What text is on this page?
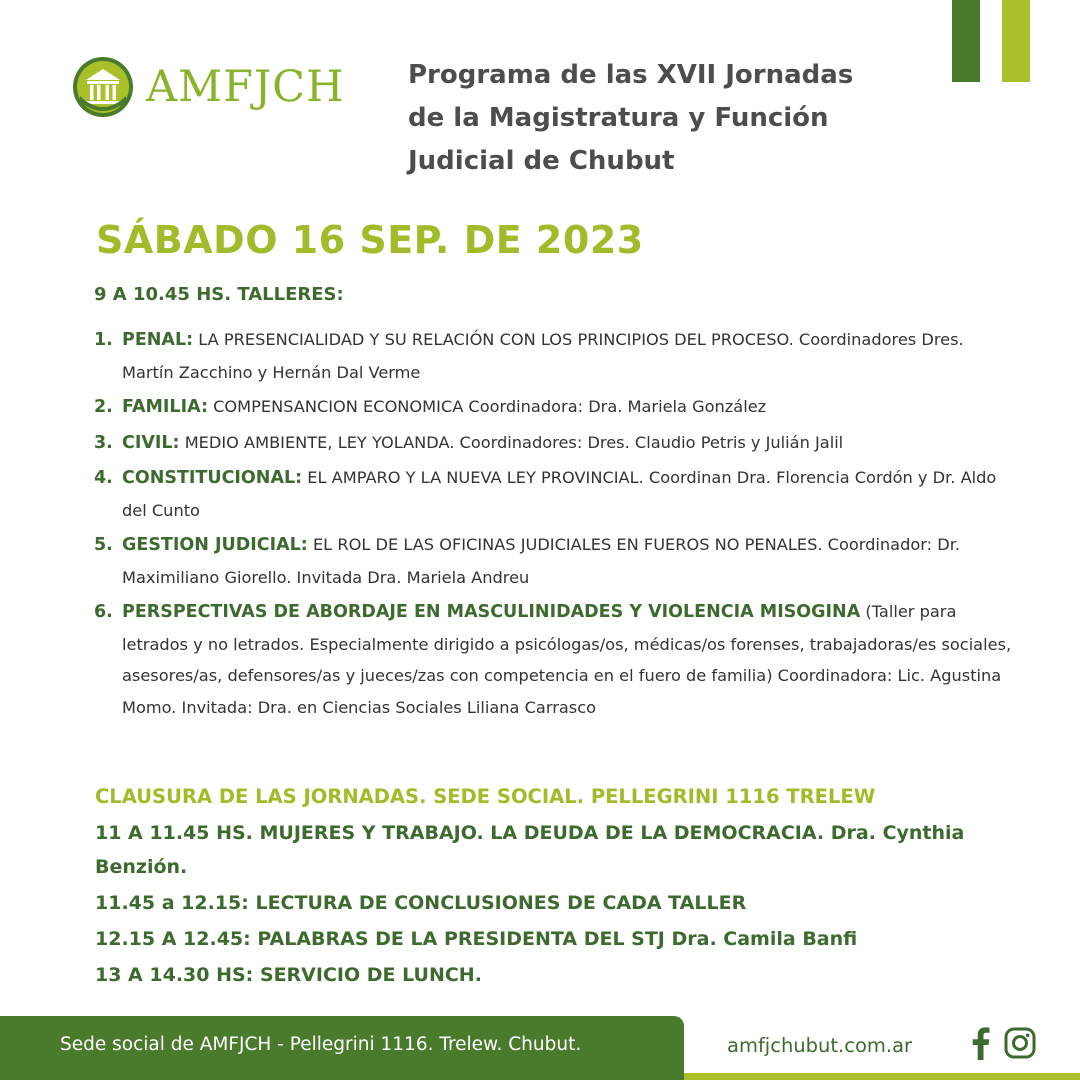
AMFJCH Programa de las XVII Jornadas
de la Magistratura y Función
Judicial de Chubut
SÁBADO 16 SEP. DE 2023
9 A 10.45 HS. TALLERES:
1. PENAL: LA PRESENCIALIDAD Y SU RELACIÓN CON LOS PRINCIPIOS DEL PROCESO. Coordinadores Dres. Martín Zacchino y Hernán Dal Verme
2. FAMILIA: COMPENSANCION ECONOMICA Coordinadora: Dra. Mariela González
3. CIVIL: MEDIO AMBIENTE, LEY YOLANDA. Coordinadores: Dres. Claudio Petris y Julián Jalil
4. CONSTITUCIONAL: EL AMPARO Y LA NUEVA LEY PROVINCIAL. Coordinan Dra. Florencia Cordón y Dr. Aldo del Cunto
5. GESTION JUDICIAL: EL ROL DE LAS OFICINAS JUDICIALES EN FUEROS NO PENALES. Coordinador: Dr. Maximiliano Giorello. Invitada Dra. Mariela Andreu
6. PERSPECTIVAS DE ABORDAJE EN MASCULINIDADES Y VIOLENCIA MISOGINA (Taller para letrados y no letrados. Especialmente dirigido a psicólogas/os, médicas/os forenses, trabajadoras/es sociales, asesores/as, defensores/as y jueces/zas con competencia en el fuero de familia) Coordinadora: Lic. Agustina Momo. Invitada: Dra. en Ciencias Sociales Liliana Carrasco
CLAUSURA DE LAS JORNADAS. SEDE SOCIAL. PELLEGRINI 1116 TRELEW
11 A 11.45 HS. MUJERES Y TRABAJO. LA DEUDA DE LA DEMOCRACIA. Dra. Cynthia Benzión.
11.45 a 12.15: LECTURA DE CONCLUSIONES DE CADA TALLER
12.15 A 12.45: PALABRAS DE LA PRESIDENTA DEL STJ Dra. Camila Banfi
13 A 14.30 HS: SERVICIO DE LUNCH.
Sede social de AMFJCH - Pellegrini 1116. Trelew. Chubut.	amfjchubut.com.ar
